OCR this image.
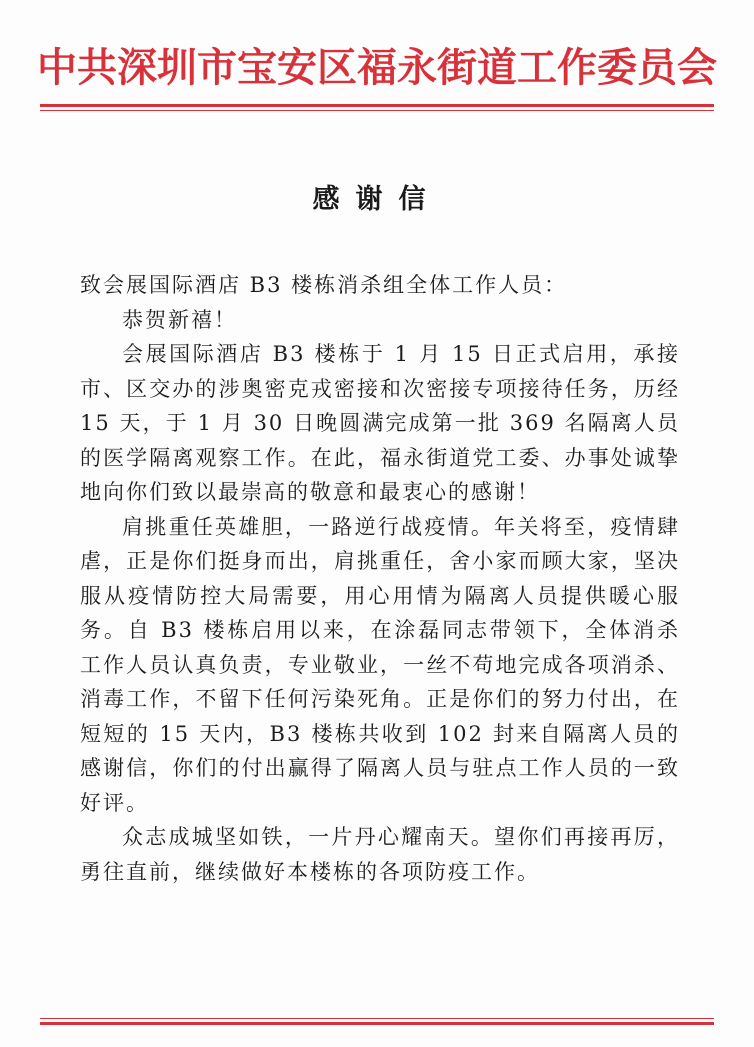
中共深圳市宝安区福永街道工作委员会
感谢信

致会展国际酒店 B3 楼栋消杀组全体工作人员：

恭贺新禧！

会展国际酒店 B3 楼栋于 1 月 15 日正式启用，承接市、区交办的涉奥密克戎密接和次密接专项接待任务，历经 15 天，于 1 月 30 日晚圆满完成第一批 369 名隔离人员的医学隔离观察工作。在此，福永街道党工委、办事处诚挚地向你们致以最崇高的敬意和最衷心的感谢！

肩挑重任英雄胆，一路逆行战疫情。年关将至，疫情肆虐，正是你们挺身而出，肩挑重任，舍小家而顾大家，坚决服从疫情防控大局需要，用心用情为隔离人员提供暖心服务。自 B3 楼栋启用以来，在涂磊同志带领下，全体消杀工作人员认真负责，专业敬业，一丝不苟地完成各项消杀、消毒工作，不留下任何污染死角。正是你们的努力付出，在短短的 15 天内，B3 楼栋共收到 102 封来自隔离人员的感谢信，你们的付出赢得了隔离人员与驻点工作人员的一致好评。

众志成城坚如铁，一片丹心耀南天。望你们再接再厉，勇往直前，继续做好本楼栋的各项防疫工作。
